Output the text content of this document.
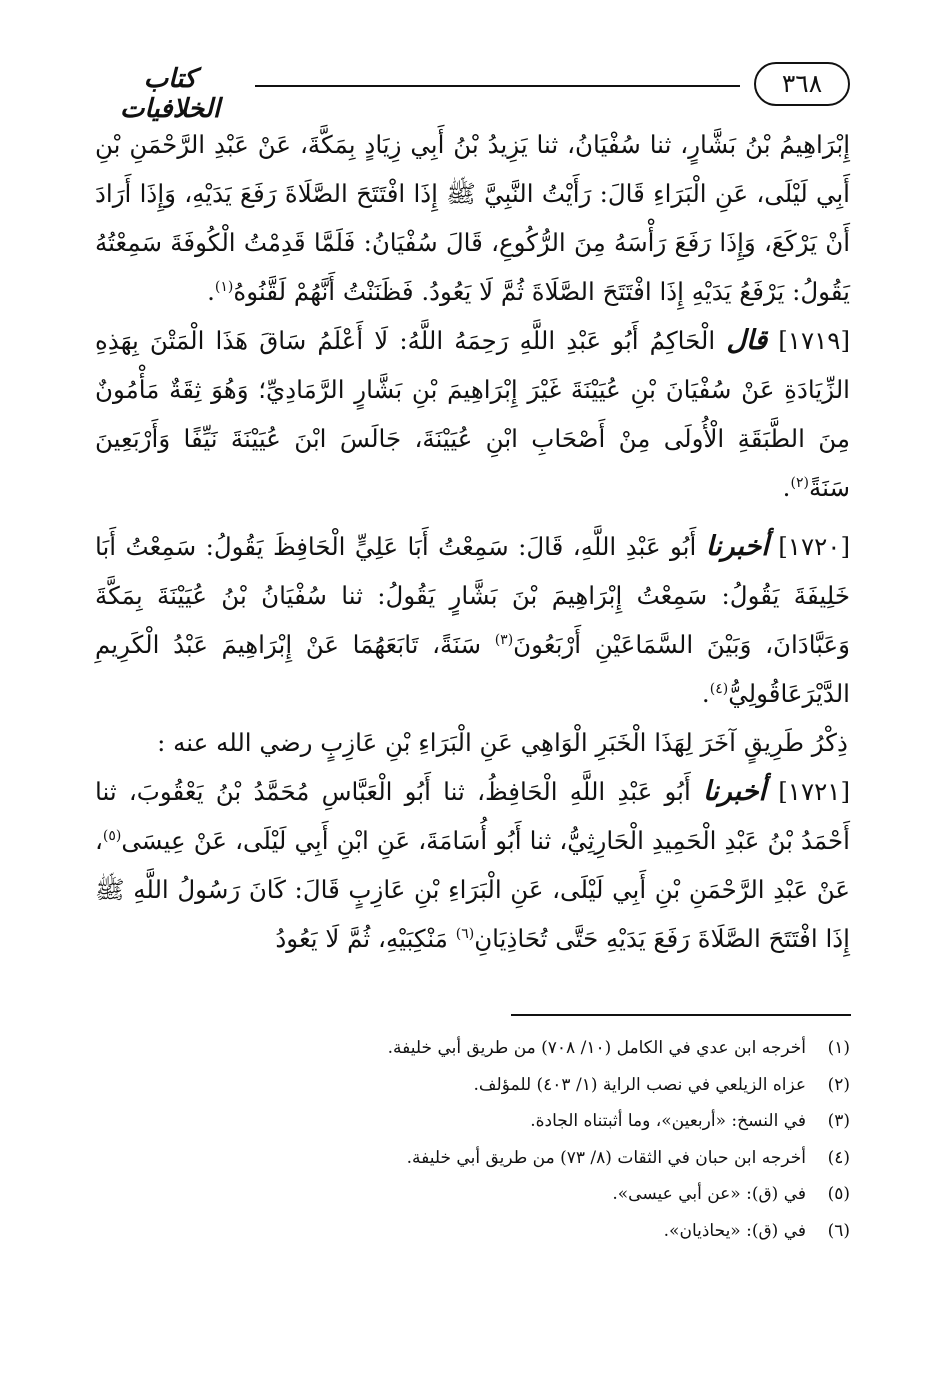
٣٦٨
كتاب الخلافيات

إِبْرَاهِيمُ بْنُ بَشَّارٍ، ثنا سُفْيَانُ، ثنا يَزِيدُ بْنُ أَبِي زِيَادٍ بِمَكَّةَ، عَنْ عَبْدِ الرَّحْمَنِ بْنِ أَبِي لَيْلَى، عَنِ الْبَرَاءِ قَالَ: رَأَيْتُ النَّبِيَّ ﷺ إِذَا افْتَتَحَ الصَّلَاةَ رَفَعَ يَدَيْهِ، وَإِذَا أَرَادَ أَنْ يَرْكَعَ، وَإِذَا رَفَعَ رَأْسَهُ مِنَ الرُّكُوعِ، قَالَ سُفْيَانُ: فَلَمَّا قَدِمْتُ الْكُوفَةَ سَمِعْتُهُ يَقُولُ: يَرْفَعُ يَدَيْهِ إِذَا افْتَتَحَ الصَّلَاةَ ثُمَّ لَا يَعُودُ. فَظَنَنْتُ أَنَّهُمْ لَقَّنُوهُ$^{(١)}$.

[١٧١٩] قال الْحَاكِمُ أَبُو عَبْدِ اللَّهِ رَحِمَهُ اللَّهُ: لَا أَعْلَمُ سَاقَ هَذَا الْمَتْنَ بِهَذِهِ الزِّيَادَةِ عَنْ سُفْيَانَ بْنِ عُيَيْنَةَ غَيْرَ إِبْرَاهِيمَ بْنِ بَشَّارٍ الرَّمَادِيِّ؛ وَهُوَ ثِقَةٌ مَأْمُونٌ مِنَ الطَّبَقَةِ الْأُولَى مِنْ أَصْحَابِ ابْنِ عُيَيْنَةَ، جَالَسَ ابْنَ عُيَيْنَةَ نَيِّفًا وَأَرْبَعِينَ سَنَةً$^{(٢)}$.

[١٧٢٠] أخبرنا أَبُو عَبْدِ اللَّهِ، قَالَ: سَمِعْتُ أَبَا عَلِيٍّ الْحَافِظَ يَقُولُ: سَمِعْتُ أَبَا خَلِيفَةَ يَقُولُ: سَمِعْتُ إِبْرَاهِيمَ بْنَ بَشَّارٍ يَقُولُ: ثنا سُفْيَانُ بْنُ عُيَيْنَةَ بِمَكَّةَ وَعَبَّادَانَ، وَبَيْنَ السَّمَاعَيْنِ أَرْبَعُونَ$^{(٣)}$ سَنَةً، تَابَعَهُمَا عَنْ إِبْرَاهِيمَ عَبْدُ الْكَرِيمِ الدَّيْرَعَاقُولِيُّ$^{(٤)}$.

ذِكْرُ طَرِيقٍ آخَرَ لِهَذَا الْخَبَرِ الْوَاهِي عَنِ الْبَرَاءِ بْنِ عَازِبٍ رضي الله عنه :

[١٧٢١] أخبرنا أَبُو عَبْدِ اللَّهِ الْحَافِظُ، ثنا أَبُو الْعَبَّاسِ مُحَمَّدُ بْنُ يَعْقُوبَ، ثنا أَحْمَدُ بْنُ عَبْدِ الْحَمِيدِ الْحَارِثِيُّ، ثنا أَبُو أُسَامَةَ، عَنِ ابْنِ أَبِي لَيْلَى، عَنْ عِيسَى$^{(٥)}$، عَنْ عَبْدِ الرَّحْمَنِ بْنِ أَبِي لَيْلَى، عَنِ الْبَرَاءِ بْنِ عَازِبٍ قَالَ: كَانَ رَسُولُ اللَّهِ ﷺ إِذَا افْتَتَحَ الصَّلَاةَ رَفَعَ يَدَيْهِ حَتَّى تُحَاذِيَانِ$^{(٦)}$ مَنْكِبَيْهِ، ثُمَّ لَا يَعُودُ

(١)أخرجه ابن عدي في الكامل (١٠/ ٧٠٨) من طريق أبي خليفة.
(٢)عزاه الزيلعي في نصب الراية (١/ ٤٠٣) للمؤلف.
(٣)في النسخ: «أربعين»، وما أثبتناه الجادة.
(٤)أخرجه ابن حبان في الثقات (٨/ ٧٣) من طريق أبي خليفة.
(٥)في (ق): «عن أبي عيسى».
(٦)في (ق): «يحاذيان».
